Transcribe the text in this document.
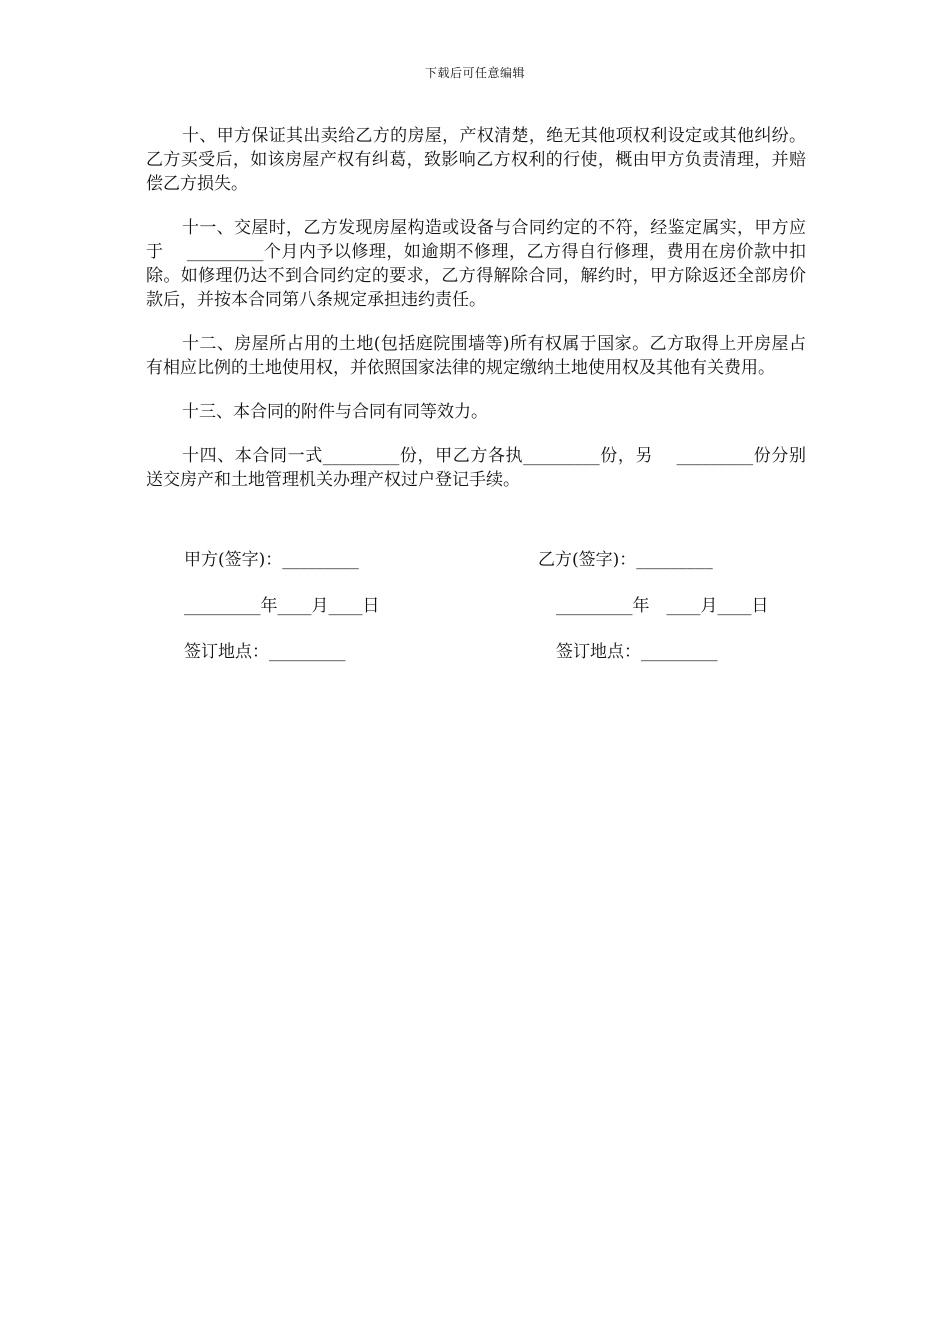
下载后可任意编辑

十、甲方保证其出卖给乙方的房屋，产权清楚，绝无其他项权利设定或其他纠纷。乙方买受后，如该房屋产权有纠葛，致影响乙方权利的行使，概由甲方负责清理，并赔偿乙方损失。

十一、交屋时，乙方发现房屋构造或设备与合同约定的不符，经鉴定属实，甲方应于　 _________个月内予以修理，如逾期不修理，乙方得自行修理，费用在房价款中扣除。如修理仍达不到合同约定的要求，乙方得解除合同，解约时，甲方除返还全部房价款后，并按本合同第八条规定承担违约责任。

十二、房屋所占用的土地(包括庭院围墙等)所有权属于国家。乙方取得上开房屋占有相应比例的土地使用权，并依照国家法律的规定缴纳土地使用权及其他有关费用。

十三、本合同的附件与合同有同等效力。

十四、本合同一式_________份，甲乙方各执_________份，另　 _________份分别送交房产和土地管理机关办理产权过户登记手续。

甲方(签字)：_________	乙方(签字)：_________
_________年____月____日	_________年　____月____日
签订地点：_________	签订地点：_________
